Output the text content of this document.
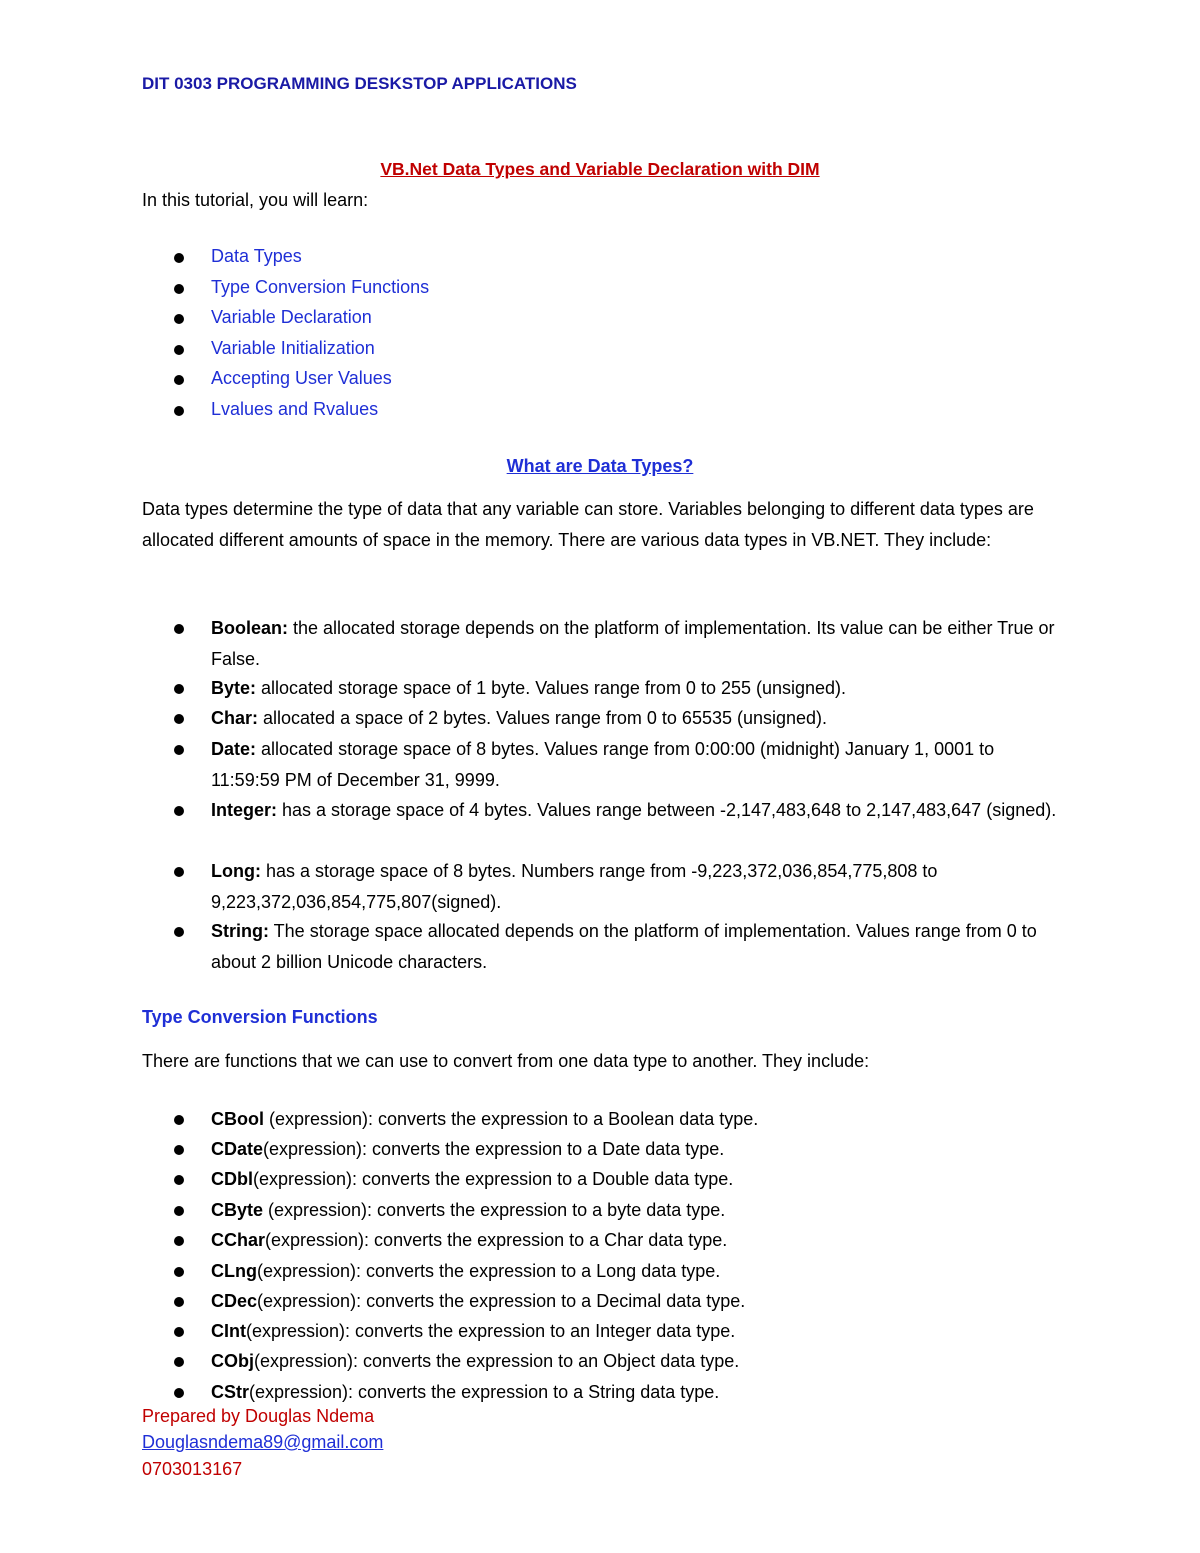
DIT 0303 PROGRAMMING DESKSTOP APPLICATIONS
VB.Net Data Types and Variable Declaration with DIM
In this tutorial, you will learn:
Data Types
Type Conversion Functions
Variable Declaration
Variable Initialization
Accepting User Values
Lvalues and Rvalues
What are Data Types?
Data types determine the type of data that any variable can store. Variables belonging to different data types are allocated different amounts of space in the memory. There are various data types in VB.NET. They include:
Boolean: the allocated storage depends on the platform of implementation. Its value can be either True or False.
Byte: allocated storage space of 1 byte. Values range from 0 to 255 (unsigned).
Char: allocated a space of 2 bytes. Values range from 0 to 65535 (unsigned).
Date: allocated storage space of 8 bytes. Values range from 0:00:00 (midnight) January 1, 0001 to 11:59:59 PM of December 31, 9999.
Integer: has a storage space of 4 bytes. Values range between -2,147,483,648 to 2,147,483,647 (signed).
Long: has a storage space of 8 bytes. Numbers range from -9,223,372,036,854,775,808 to 9,223,372,036,854,775,807(signed).
String: The storage space allocated depends on the platform of implementation. Values range from 0 to about 2 billion Unicode characters.
Type Conversion Functions
There are functions that we can use to convert from one data type to another. They include:
CBool (expression): converts the expression to a Boolean data type.
CDate(expression): converts the expression to a Date data type.
CDbl(expression): converts the expression to a Double data type.
CByte (expression): converts the expression to a byte data type.
CChar(expression): converts the expression to a Char data type.
CLng(expression): converts the expression to a Long data type.
CDec(expression): converts the expression to a Decimal data type.
CInt(expression): converts the expression to an Integer data type.
CObj(expression): converts the expression to an Object data type.
CStr(expression): converts the expression to a String data type.
Prepared by Douglas Ndema
Douglasndema89@gmail.com
0703013167
